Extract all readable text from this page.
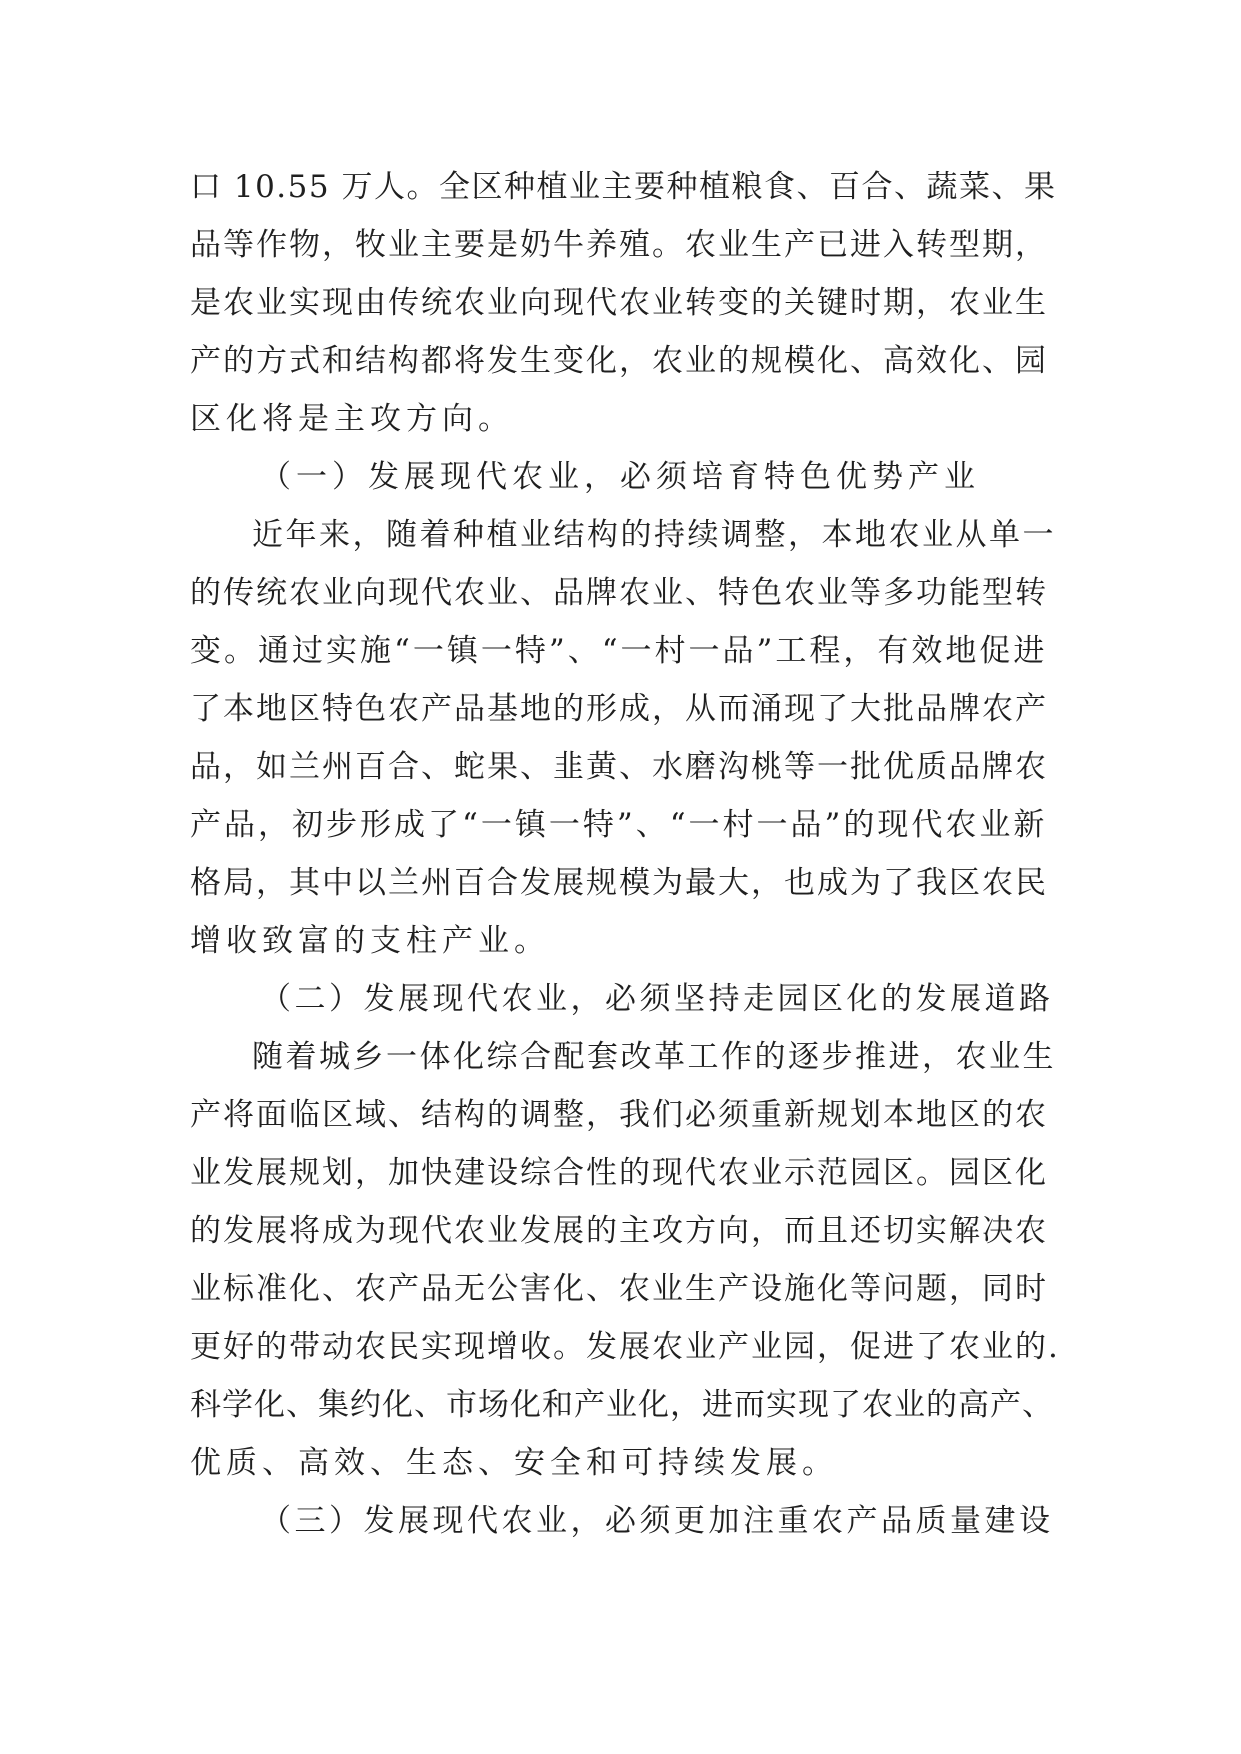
口 10.55 万人。全区种植业主要种植粮食、百合、蔬菜、果
品等作物，牧业主要是奶牛养殖。农业生产已进入转型期，
是农业实现由传统农业向现代农业转变的关键时期，农业生
产的方式和结构都将发生变化，农业的规模化、高效化、园
区化将是主攻方向。
（一）发展现代农业，必须培育特色优势产业
近年来，随着种植业结构的持续调整，本地农业从单一
的传统农业向现代农业、品牌农业、特色农业等多功能型转
变。通过实施“一镇一特”、“一村一品”工程，有效地促进
了本地区特色农产品基地的形成，从而涌现了大批品牌农产
品，如兰州百合、蛇果、韭黄、水磨沟桃等一批优质品牌农
产品，初步形成了“一镇一特”、“一村一品”的现代农业新
格局，其中以兰州百合发展规模为最大，也成为了我区农民
增收致富的支柱产业。
（二）发展现代农业，必须坚持走园区化的发展道路
随着城乡一体化综合配套改革工作的逐步推进，农业生
产将面临区域、结构的调整，我们必须重新规划本地区的农
业发展规划，加快建设综合性的现代农业示范园区。园区化
的发展将成为现代农业发展的主攻方向，而且还切实解决农
业标准化、农产品无公害化、农业生产设施化等问题，同时
更好的带动农民实现增收。发展农业产业园，促进了农业的.
科学化、集约化、市场化和产业化，进而实现了农业的高产、
优质、高效、生态、安全和可持续发展。
（三）发展现代农业，必须更加注重农产品质量建设
